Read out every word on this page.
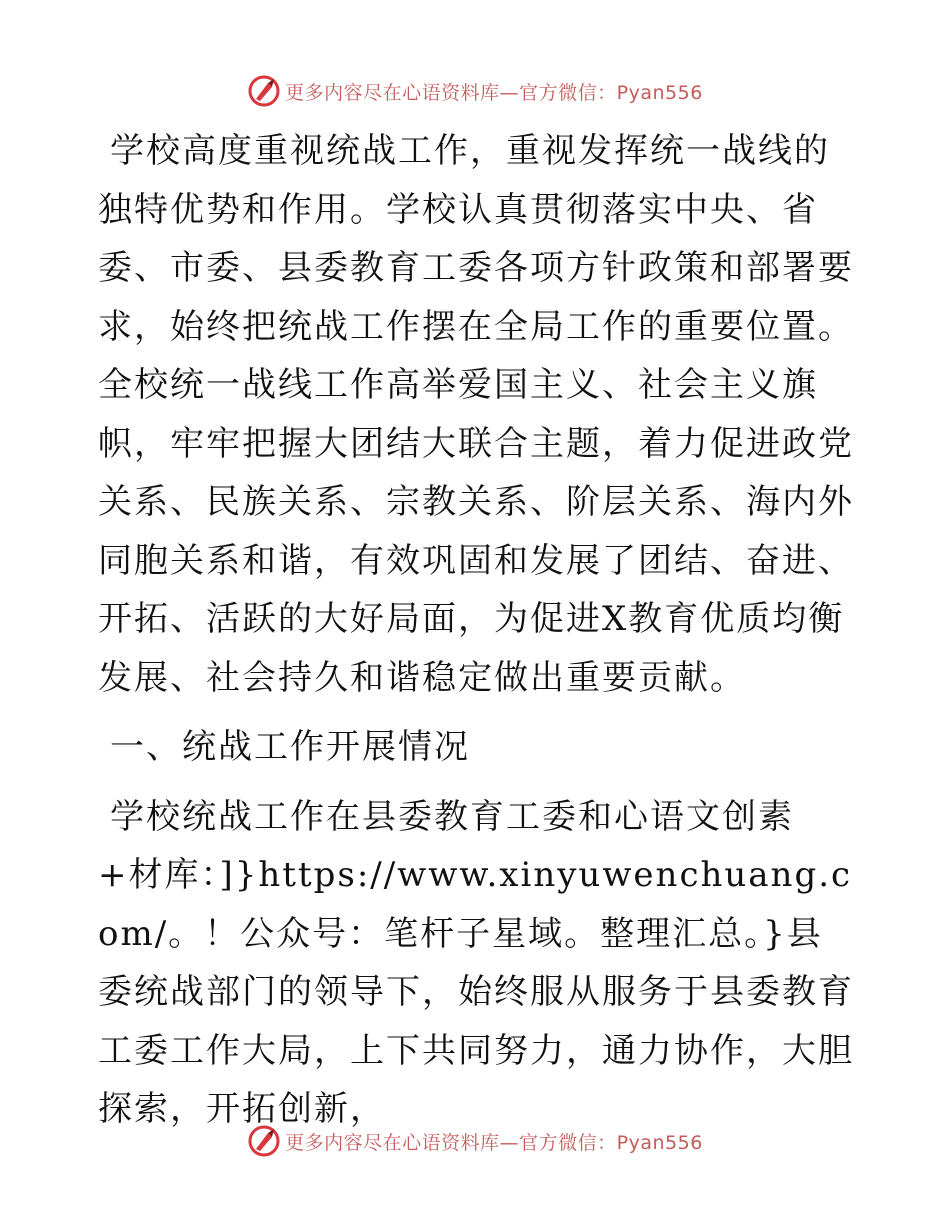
更多内容尽在心语资料库—官方微信：Pyan556

学校高度重视统战工作，重视发挥统一战线的独特优势和作用。学校认真贯彻落实中央、省委、市委、县委教育工委各项方针政策和部署要求，始终把统战工作摆在全局工作的重要位置。全校统一战线工作高举爱国主义、社会主义旗帜，牢牢把握大团结大联合主题，着力促进政党关系、民族关系、宗教关系、阶层关系、海内外同胞关系和谐，有效巩固和发展了团结、奋进、开拓、活跃的大好局面，为促进X教育优质均衡发展、社会持久和谐稳定做出重要贡献。

一、统战工作开展情况

学校统战工作在县委教育工委和心语文创素+材库：]}https://www.xinyuwenchuang.com/。！公众号：笔杆子星域。整理汇总。}县委统战部门的领导下，始终服从服务于县委教育工委工作大局，上下共同努力，通力协作，大胆探索，开拓创新，

更多内容尽在心语资料库—官方微信：Pyan556
